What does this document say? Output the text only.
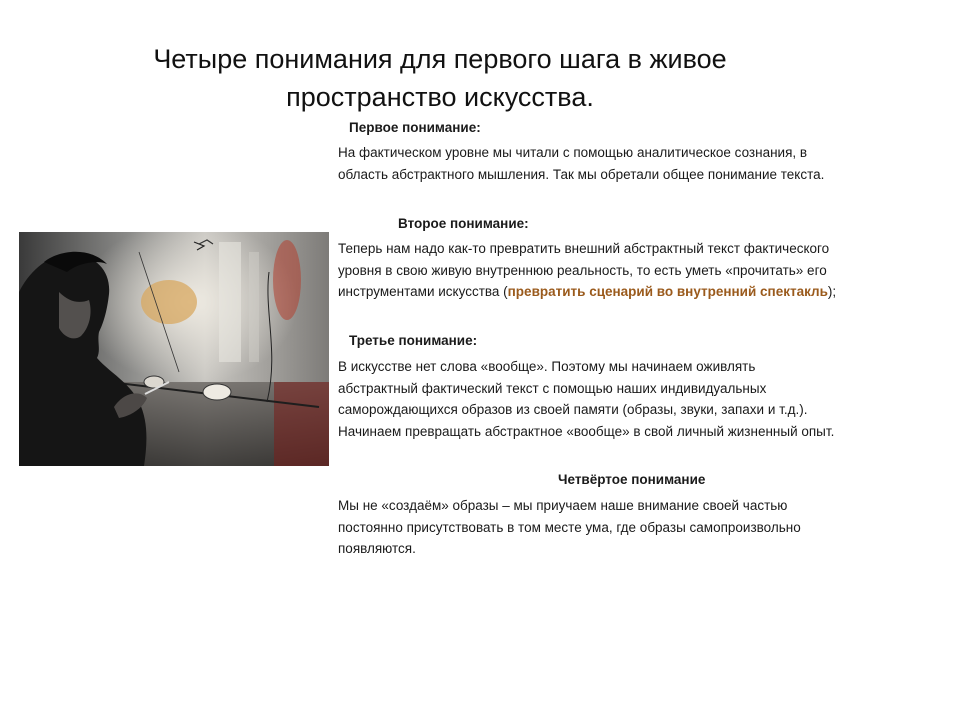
Четыре понимания для первого шага в живое
пространство искусства.
Первое понимание:

На фактическом уровне мы читали с помощью аналитическое сознания, в
область абстрактного мышления. Так мы обретали общее понимание текста.

Второе понимание:

Теперь нам надо как-то превратить внешний абстрактный текст фактического
уровня в свою живую внутреннюю реальность, то есть уметь «прочитать» его
инструментами искусства (превратить сценарий во внутренний спектакль);

Третье понимание:

В искусстве нет слова «вообще». Поэтому мы начинаем оживлять
абстрактный фактический текст с помощью наших индивидуальных
саморождающихся образов из своей памяти (образы, звуки, запахи и т.д.).
Начинаем превращать абстрактное «вообще» в свой личный жизненный опыт.

Четвёртое понимание

Мы не «создаём» образы – мы приучаем наше внимание своей частью
постоянно присутствовать в том месте ума, где образы самопроизвольно
появляются.
